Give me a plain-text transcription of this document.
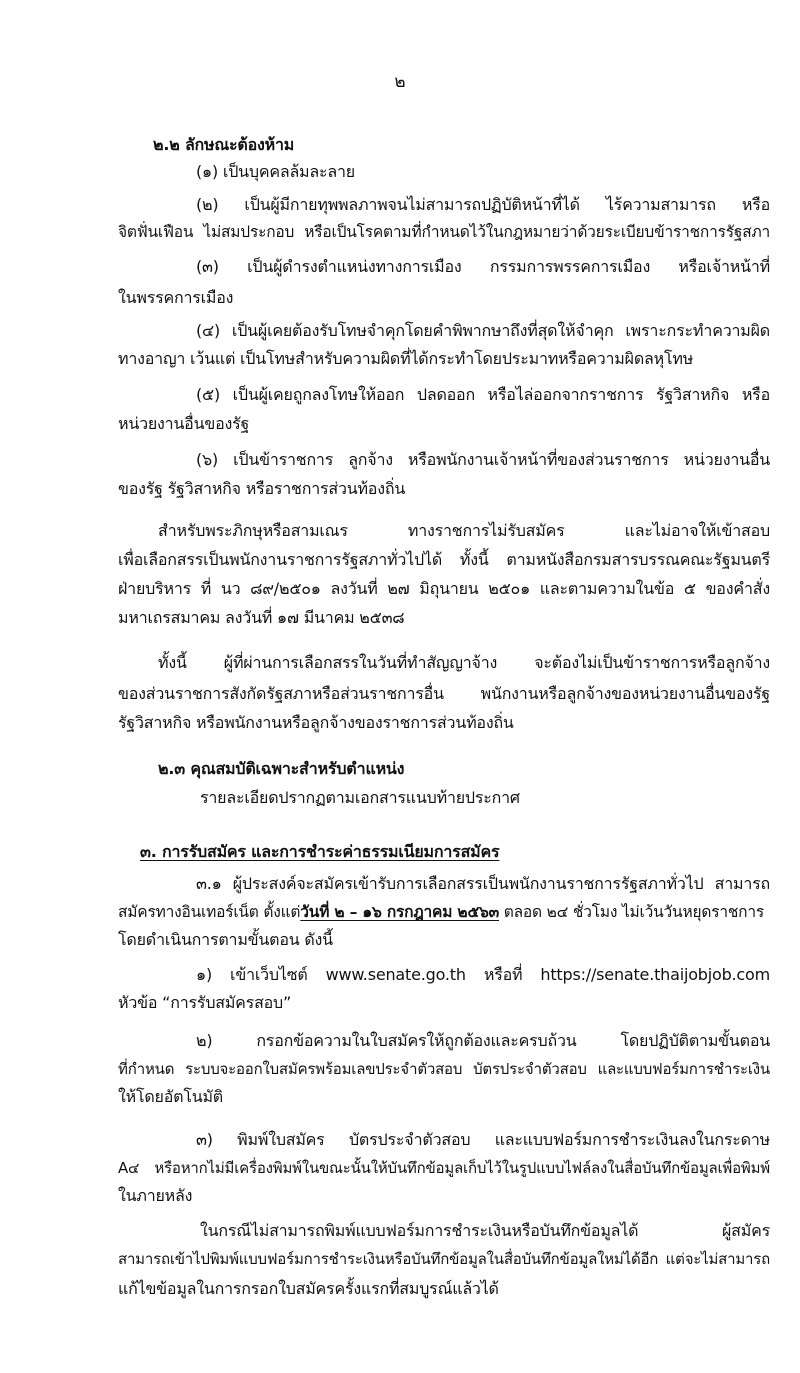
๒

๒.๒ ลักษณะต้องห้าม

(๑) เป็นบุคคลล้มละลาย

(๒) เป็นผู้มีกายทุพพลภาพจนไม่สามารถปฏิบัติหน้าที่ได้ ไร้ความสามารถ หรือ

จิตฟั่นเฟือน ไม่สมประกอบ หรือเป็นโรคตามที่กำหนดไว้ในกฎหมายว่าด้วยระเบียบข้าราชการรัฐสภา

(๓) เป็นผู้ดำรงตำแหน่งทางการเมือง กรรมการพรรคการเมือง หรือเจ้าหน้าที่

ในพรรคการเมือง

(๔) เป็นผู้เคยต้องรับโทษจำคุกโดยคำพิพากษาถึงที่สุดให้จำคุก เพราะกระทำความผิด

ทางอาญา เว้นแต่ เป็นโทษสำหรับความผิดที่ได้กระทำโดยประมาทหรือความผิดลหุโทษ

(๕) เป็นผู้เคยถูกลงโทษให้ออก ปลดออก หรือไล่ออกจากราชการ รัฐวิสาหกิจ หรือ

หน่วยงานอื่นของรัฐ

(๖) เป็นข้าราชการ ลูกจ้าง หรือพนักงานเจ้าหน้าที่ของส่วนราชการ หน่วยงานอื่น

ของรัฐ รัฐวิสาหกิจ หรือราชการส่วนท้องถิ่น

สำหรับพระภิกษุหรือสามเณร ทางราชการไม่รับสมัคร และไม่อาจให้เข้าสอบ

เพื่อเลือกสรรเป็นพนักงานราชการรัฐสภาทั่วไปได้ ทั้งนี้ ตามหนังสือกรมสารบรรณคณะรัฐมนตรี

ฝ่ายบริหาร ที่ นว ๘๙/๒๕๐๑ ลงวันที่ ๒๗ มิถุนายน ๒๕๐๑ และตามความในข้อ ๕ ของคำสั่ง

มหาเถรสมาคม ลงวันที่ ๑๗ มีนาคม ๒๕๓๘

ทั้งนี้ ผู้ที่ผ่านการเลือกสรรในวันที่ทำสัญญาจ้าง จะต้องไม่เป็นข้าราชการหรือลูกจ้าง

ของส่วนราชการสังกัดรัฐสภาหรือส่วนราชการอื่น พนักงานหรือลูกจ้างของหน่วยงานอื่นของรัฐ

รัฐวิสาหกิจ หรือพนักงานหรือลูกจ้างของราชการส่วนท้องถิ่น

๒.๓ คุณสมบัติเฉพาะสำหรับตำแหน่ง

รายละเอียดปรากฏตามเอกสารแนบท้ายประกาศ

๓. การรับสมัคร และการชำระค่าธรรมเนียมการสมัคร

๓.๑ ผู้ประสงค์จะสมัครเข้ารับการเลือกสรรเป็นพนักงานราชการรัฐสภาทั่วไป สามารถ

สมัครทางอินเทอร์เน็ต ตั้งแต่วันที่ ๒ – ๑๖ กรกฎาคม ๒๕๖๓ ตลอด ๒๔ ชั่วโมง ไม่เว้นวันหยุดราชการ

โดยดำเนินการตามขั้นตอน ดังนี้

๑) เข้าเว็บไซต์ www.senate.go.th หรือที่ https://senate.thaijobjob.com

หัวข้อ “การรับสมัครสอบ”

๒) กรอกข้อความในใบสมัครให้ถูกต้องและครบถ้วน โดยปฏิบัติตามขั้นตอน

ที่กำหนด ระบบจะออกใบสมัครพร้อมเลขประจำตัวสอบ บัตรประจำตัวสอบ และแบบฟอร์มการชำระเงิน

ให้โดยอัตโนมัติ

๓) พิมพ์ใบสมัคร บัตรประจำตัวสอบ และแบบฟอร์มการชำระเงินลงในกระดาษ

A๔ หรือหากไม่มีเครื่องพิมพ์ในขณะนั้นให้บันทึกข้อมูลเก็บไว้ในรูปแบบไฟล์ลงในสื่อบันทึกข้อมูลเพื่อพิมพ์

ในภายหลัง

ในกรณีไม่สามารถพิมพ์แบบฟอร์มการชำระเงินหรือบันทึกข้อมูลได้ ผู้สมัคร

สามารถเข้าไปพิมพ์แบบฟอร์มการชำระเงินหรือบันทึกข้อมูลในสื่อบันทึกข้อมูลใหม่ได้อีก แต่จะไม่สามารถ

แก้ไขข้อมูลในการกรอกใบสมัครครั้งแรกที่สมบูรณ์แล้วได้
